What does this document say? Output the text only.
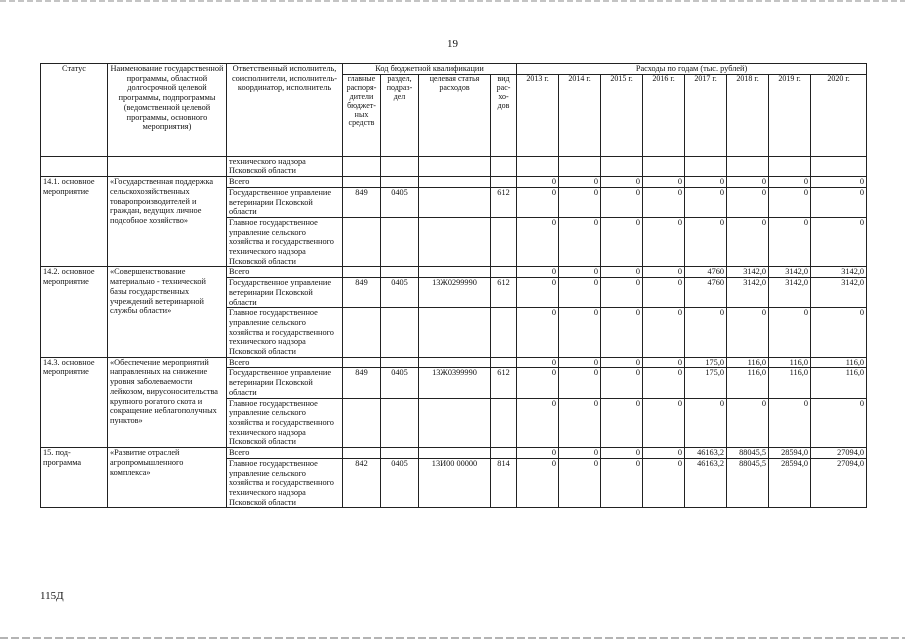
19
Статус	Наименование государственной программы, областной долгосрочной целевой программы, подпрограммы (ведомственной целевой программы, основного мероприятия)	Ответственный исполнитель, соисполнители, исполнитель-координатор, исполнитель	Код бюджетной квалификации				Расходы по годам (тыс. рублей)							
			главные распоря-дители бюджет-ных средств	раздел, подраз-дел	целевая статья расходов	вид рас-хо-дов	2013 г.	2014 г.	2015 г.	2016 г.	2017 г.	2018 г.	2019 г.	2020 г.
		технического надзора Псковской области												
14.1. основное мероприятие	«Государственная поддержка сельскохозяйственных товаропроизводителей и граждан, ведущих личное подсобное хозяйство»	Всего					0	0	0	0	0	0	0	0
		Государственное управление ветеринарии Псковской области	849	0405		612	0	0	0	0	0	0	0	0
		Главное государственное управление сельского хозяйства и государственного технического надзора Псковской области					0	0	0	0	0	0	0	0
14.2. основное мероприятие	«Совершенствование материально - технической базы государственных учреждений ветеринарной службы области»	Всего					0	0	0	0	4760	3142,0	3142,0	3142,0
		Государственное управление ветеринарии Псковской области	849	0405	13Ж0299990	612	0	0	0	0	4760	3142,0	3142,0	3142,0
		Главное государственное управление сельского хозяйства и государственного технического надзора Псковской области					0	0	0	0	0	0	0	0
14.3. основное мероприятие	«Обеспечение мероприятий направленных на снижение уровня заболеваемости лейкозом, вирусоносительства крупного рогатого скота и сокращение неблагополучных пунктов»	Всего					0	0	0	0	175,0	116,0	116,0	116,0
		Государственное управление ветеринарии Псковской области	849	0405	13Ж0399990	612	0	0	0	0	175,0	116,0	116,0	116,0
		Главное государственное управление сельского хозяйства и государственного технического надзора Псковской области					0	0	0	0	0	0	0	0
15. под-программа	«Развитие отраслей агропромышленного комплекса»	Всего					0	0	0	0	46163,2	88045,5	28594,0	27094,0
		Главное государственное управление сельского хозяйства и государственного технического надзора Псковской области	842	0405	13И00 00000	814	0	0	0	0	46163,2	88045,5	28594,0	27094,0
115Д
